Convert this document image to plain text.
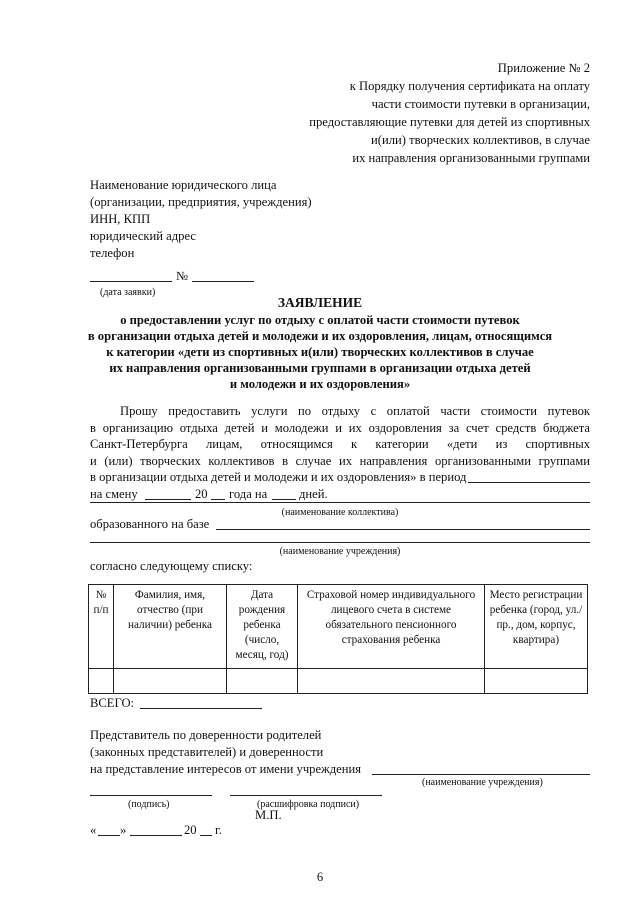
Приложение № 2
к Порядку получения сертификата на оплату
части стоимости путевки в организации,
предоставляющие путевки для детей из спортивных
и(или) творческих коллективов, в случае
их направления организованными группами
Наименование юридического лица
(организации, предприятия, учреждения)
ИНН, КПП
юридический адрес
телефон
№
(дата заявки)
ЗАЯВЛЕНИЕ
о предоставлении услуг по отдыху с оплатой части стоимости путевок
в организации отдыха детей и молодежи и их оздоровления, лицам, относящимся
к категории «дети из спортивных и(или) творческих коллективов в случае
их направления организованными группами в организации отдыха детей
и молодежи и их оздоровления»
Прошу предоставить услуги по отдыху с оплатой части стоимости путевок
в организацию отдыха детей и молодежи и их оздоровления за счет средств бюджета
Санкт-Петербурга лицам, относящимся к категории «дети из спортивных
и (или) творческих коллективов в случае их направления организованными группами
в организации отдыха детей и молодежи и их оздоровления» в период
на смену	20 года на	дней.
(наименование коллектива)
образованного на базе
(наименование учреждения)
согласно следующему списку:
№ п/п	Фамилия, имя, отчество (при наличии) ребенка	Дата рождения ребенка (число, месяц, год)	Страховой номер индивидуального лицевого счета в системе обязательного пенсионного страхования ребенка	Место регистрации ребенка (город, ул./пр., дом, корпус, квартира)

ВСЕГО:
Представитель по доверенности родителей
(законных представителей) и доверенности
на представление интересов от имени учреждения
(наименование учреждения)
(подпись)	(расшифровка подписи)
М.П.
« »	20 г.
6
